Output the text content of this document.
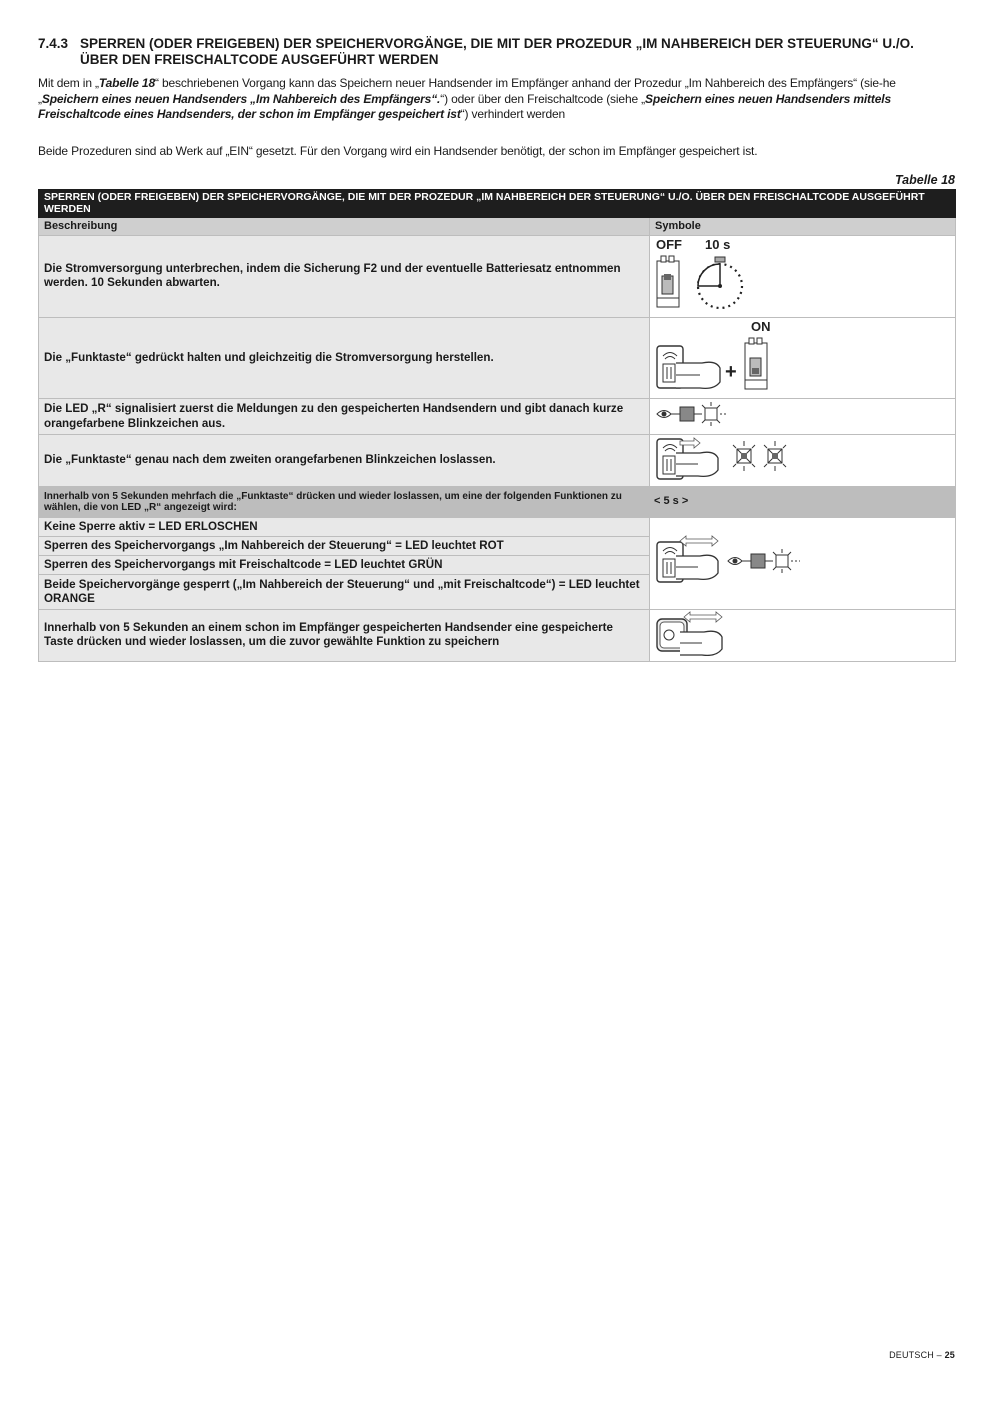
7.4.3 SPERREN (ODER FREIGEBEN) DER SPEICHERVORGÄNGE, DIE MIT DER PROZEDUR „IM NAHBEREICH DER STEUERUNG“ U./O.
ÜBER DEN FREISCHALTCODE AUSGEFÜHRT WERDEN
Mit dem in „Tabelle 18“ beschriebenen Vorgang kann das Speichern neuer Handsender im Empfänger anhand der Prozedur „Im Nahbereich des Empfängers“ (sie-he „Speichern eines neuen Handsenders „Im Nahbereich des Empfängers“.“) oder über den Freischaltcode (siehe „Speichern eines neuen Handsenders mittels Freischaltcode eines Handsenders, der schon im Empfänger gespeichert ist“) verhindert werden
Beide Prozeduren sind ab Werk auf „EIN“ gesetzt. Für den Vorgang wird ein Handsender benötigt, der schon im Empfänger gespeichert ist.
Tabelle 18
SPERREN (ODER FREIGEBEN) DER SPEICHERVORGÄNGE, DIE MIT DER PROZEDUR „IM NAHBEREICH DER STEUERUNG“ U./O. ÜBER DEN FREISCHALTCODE AUSGEFÜHRT WERDEN	
Beschreibung	Symbole
Die Stromversorgung unterbrechen, indem die Sicherung F2 und der eventuelle Batteriesatz entnommen werden. 10 Sekunden abwarten.	OFF 10 s

Die „Funktaste“ gedrückt halten und gleichzeitig die Stromversorgung herstellen.	ON
+

Die LED „R“ signalisiert zuerst die Meldungen zu den gespeicherten Handsendern und gibt danach kurze orangefarbene Blinkzeichen aus.	
Die „Funktaste“ genau nach dem zweiten orangefarbenen Blinkzeichen loslassen.	
Innerhalb von 5 Sekunden mehrfach die „Funktaste“ drücken und wieder loslassen, um eine der folgenden Funktionen zu wählen, die von LED „R“ angezeigt wird:	< 5 s >
Keine Sperre aktiv = LED ERLOSCHEN	
Sperren des Speichervorgangs „Im Nahbereich der Steuerung“ = LED leuchtet ROT	
Sperren des Speichervorgangs mit Freischaltcode = LED leuchtet GRÜN	
Beide Speichervorgänge gesperrt („Im Nahbereich der Steuerung“ und „mit Freischaltcode“) = LED leuchtet ORANGE	
Innerhalb von 5 Sekunden an einem schon im Empfänger gespeicherten Handsender eine gespeicherte Taste drücken und wieder loslassen, um die zuvor gewählte Funktion zu speichern	
DEUTSCH – 25
